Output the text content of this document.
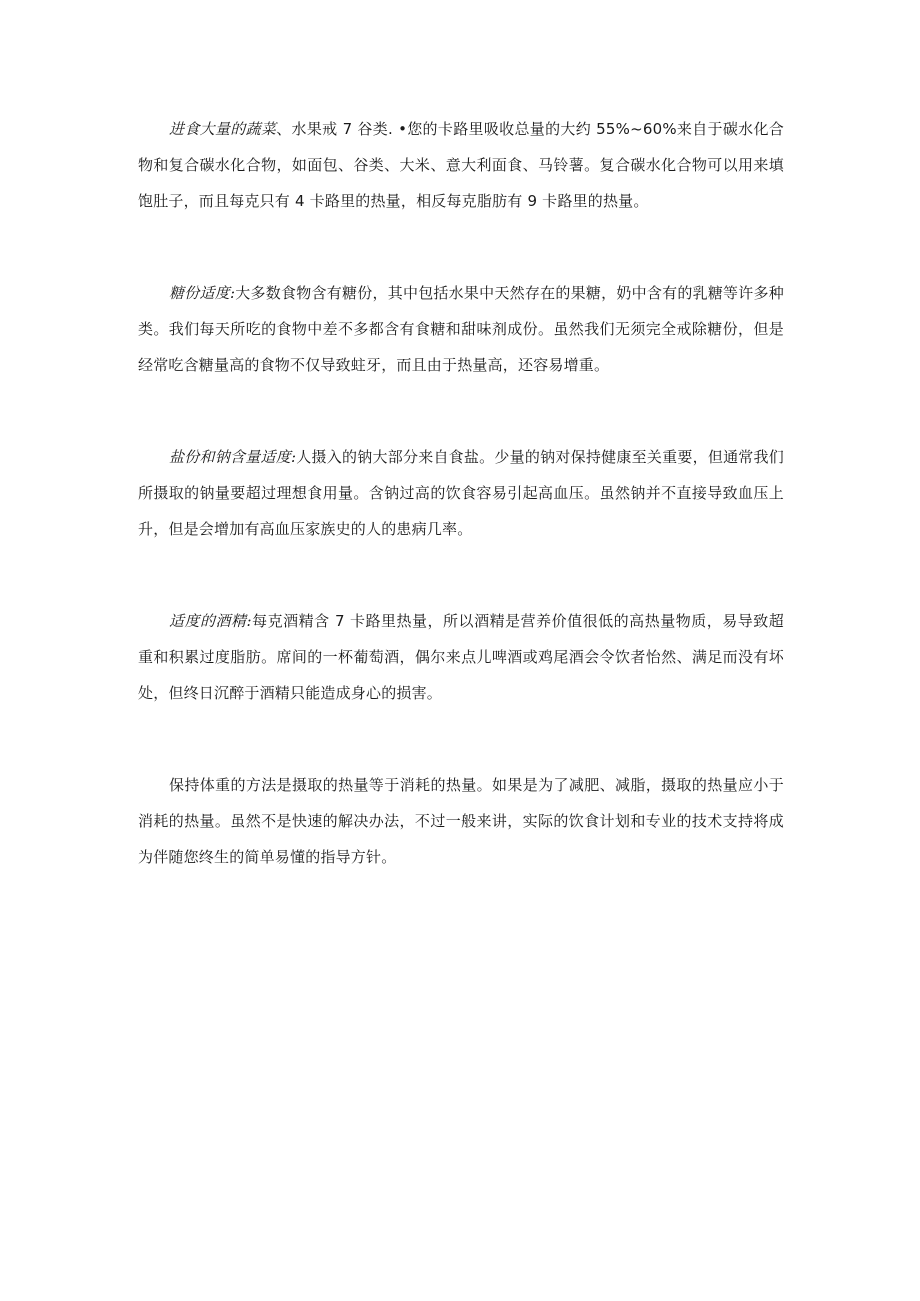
进食大量的蔬菜、水果戒 7 谷类. •您的卡路里吸收总量的大约 55%~60%来自于碳水化合物和复合碳水化合物，如面包、谷类、大米、意大利面食、马铃薯。复合碳水化合物可以用来填饱肚子，而且每克只有 4 卡路里的热量，相反每克脂肪有 9 卡路里的热量。

糖份适度:大多数食物含有糖份，其中包括水果中天然存在的果糖，奶中含有的乳糖等许多种类。我们每天所吃的食物中差不多都含有食糖和甜味剂成份。虽然我们无须完全戒除糖份，但是经常吃含糖量高的食物不仅导致蛀牙，而且由于热量高，还容易增重。

盐份和钠含量适度:人摄入的钠大部分来自食盐。少量的钠对保持健康至关重要，但通常我们所摄取的钠量要超过理想食用量。含钠过高的饮食容易引起高血压。虽然钠并不直接导致血压上升，但是会增加有高血压家族史的人的患病几率。

适度的酒精:每克酒精含 7 卡路里热量，所以酒精是营养价值很低的高热量物质，易导致超重和积累过度脂肪。席间的一杯葡萄酒，偶尔来点儿啤酒或鸡尾酒会令饮者怡然、满足而没有坏处，但终日沉醉于酒精只能造成身心的损害。

保持体重的方法是摄取的热量等于消耗的热量。如果是为了减肥、减脂，摄取的热量应小于消耗的热量。虽然不是快速的解决办法，不过一般来讲，实际的饮食计划和专业的技术支持将成为伴随您终生的简单易懂的指导方针。
